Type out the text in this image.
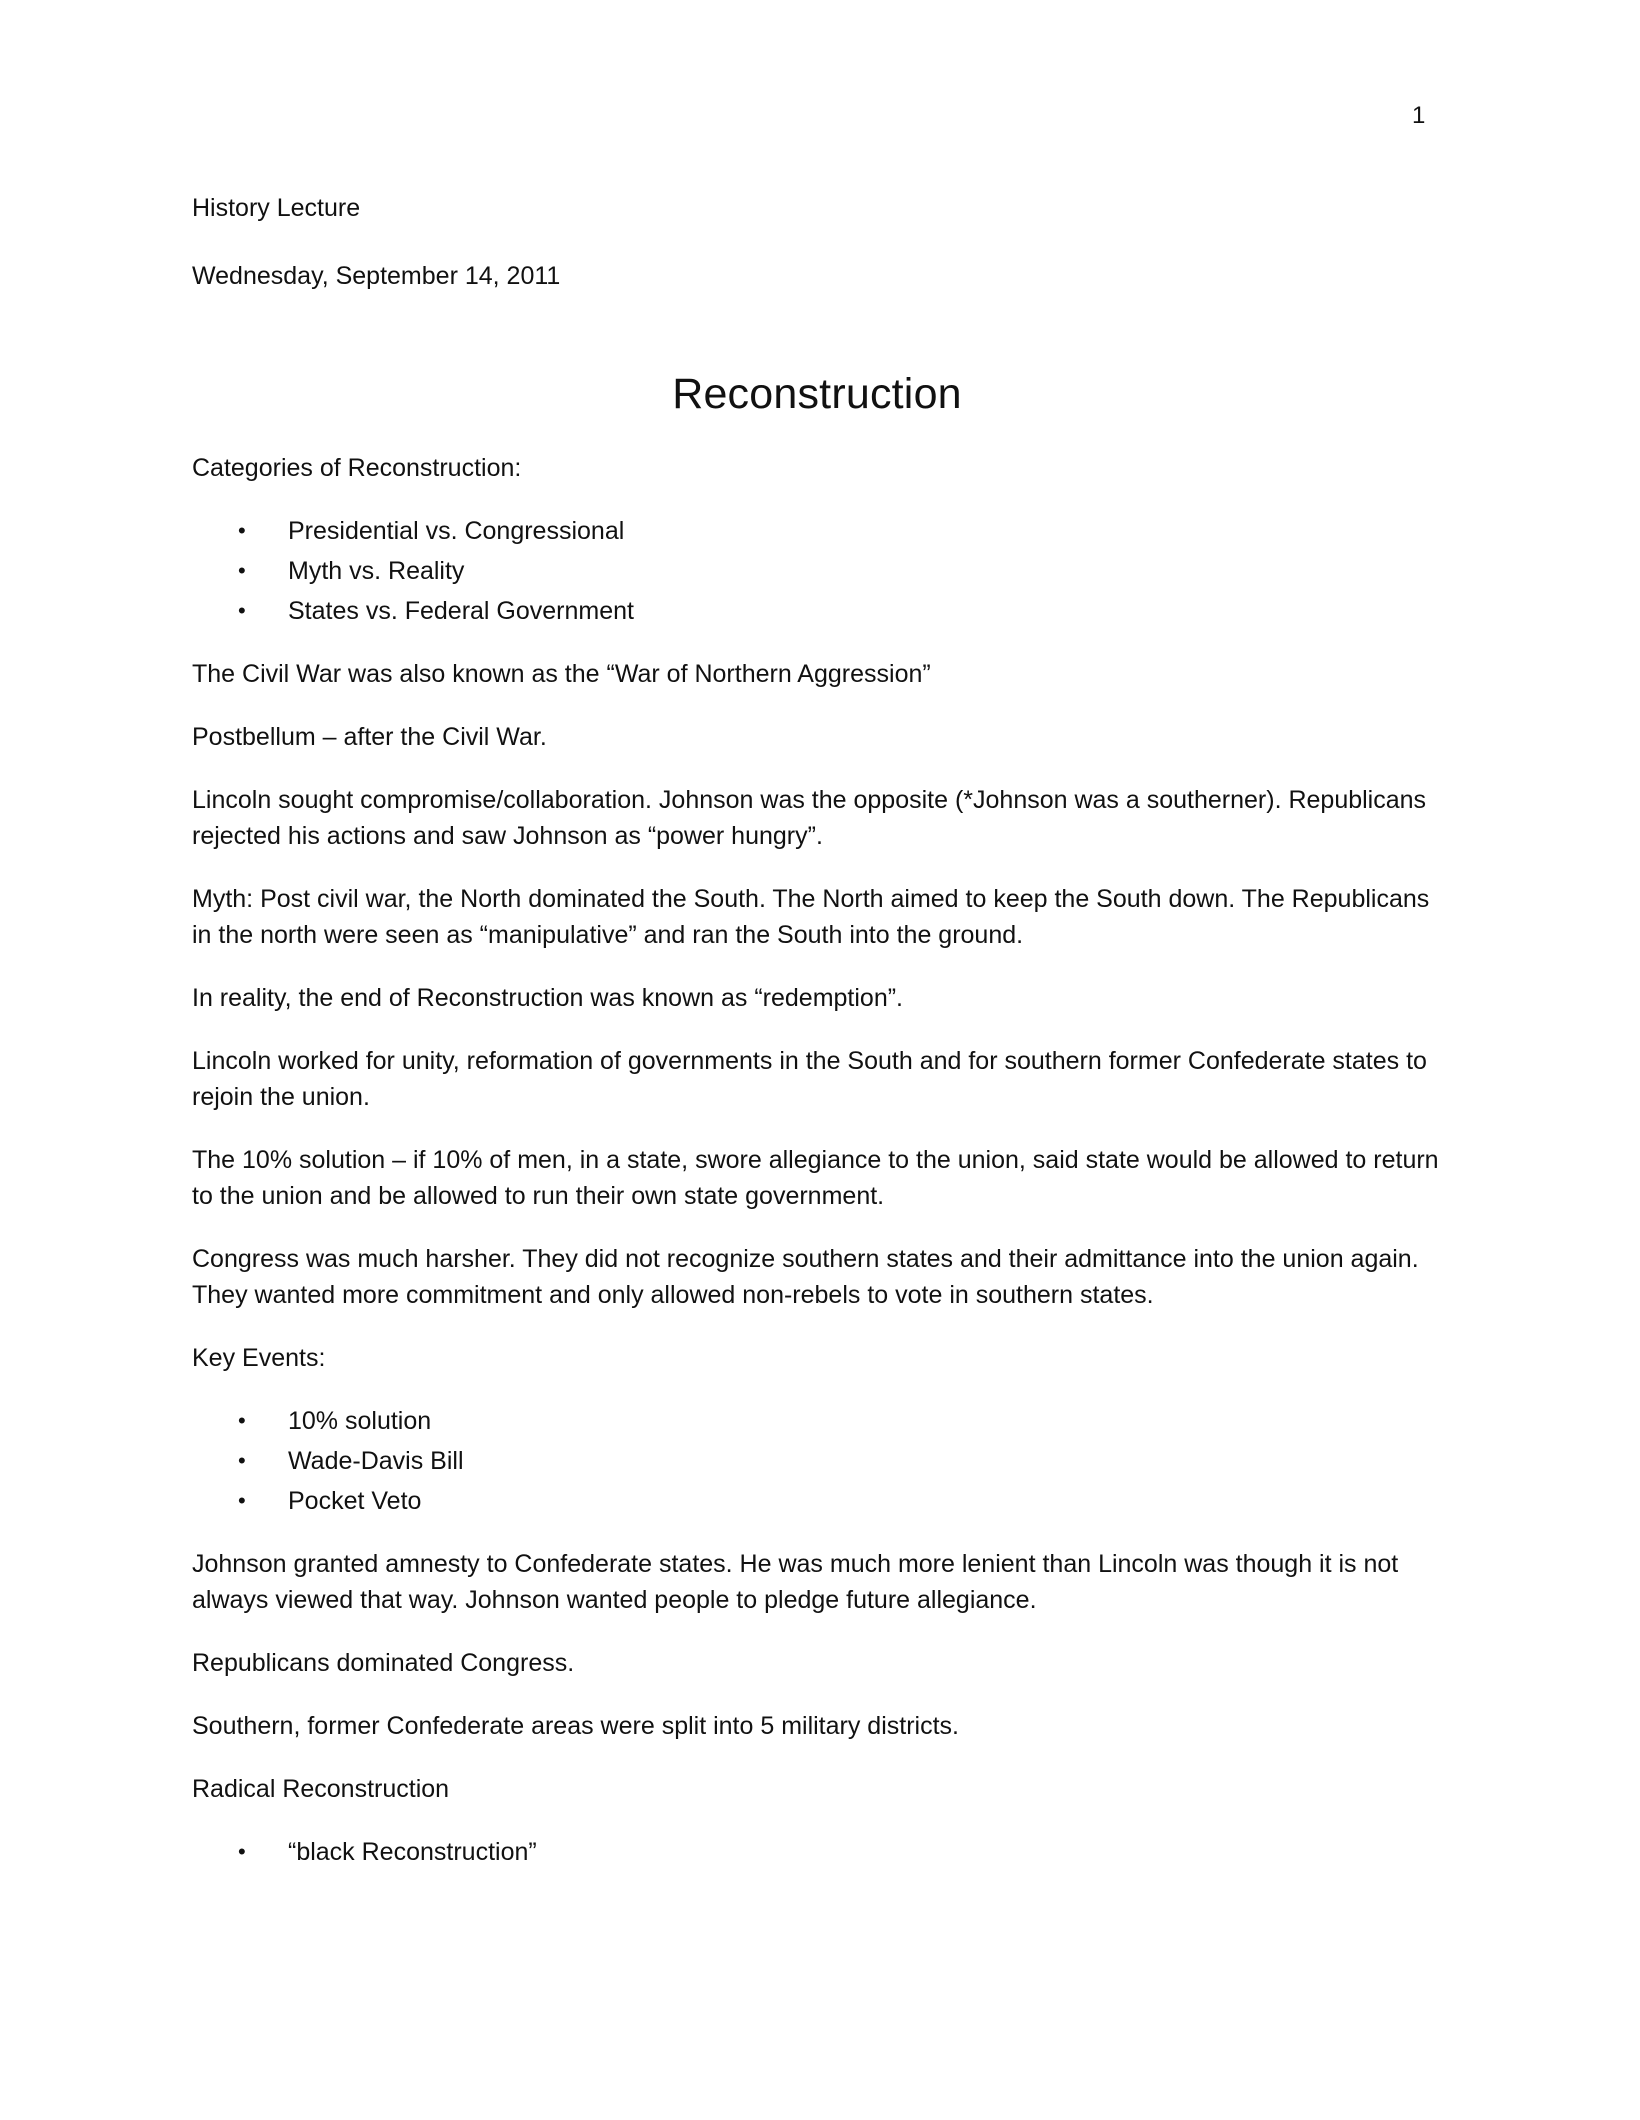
1

History Lecture

Wednesday, September 14, 2011

Reconstruction

Categories of Reconstruction:

• Presidential vs. Congressional
• Myth vs. Reality
• States vs. Federal Government

The Civil War was also known as the “War of Northern Aggression”

Postbellum – after the Civil War.

Lincoln sought compromise/collaboration. Johnson was the opposite (*Johnson was a southerner). Republicans rejected his actions and saw Johnson as “power hungry”.

Myth: Post civil war, the North dominated the South. The North aimed to keep the South down. The Republicans in the north were seen as “manipulative” and ran the South into the ground.

In reality, the end of Reconstruction was known as “redemption”.

Lincoln worked for unity, reformation of governments in the South and for southern former Confederate states to rejoin the union.

The 10% solution – if 10% of men, in a state, swore allegiance to the union, said state would be allowed to return to the union and be allowed to run their own state government.

Congress was much harsher. They did not recognize southern states and their admittance into the union again. They wanted more commitment and only allowed non-rebels to vote in southern states.

Key Events:

• 10% solution
• Wade-Davis Bill
• Pocket Veto

Johnson granted amnesty to Confederate states. He was much more lenient than Lincoln was though it is not always viewed that way. Johnson wanted people to pledge future allegiance.

Republicans dominated Congress.

Southern, former Confederate areas were split into 5 military districts.

Radical Reconstruction

• “black Reconstruction”
